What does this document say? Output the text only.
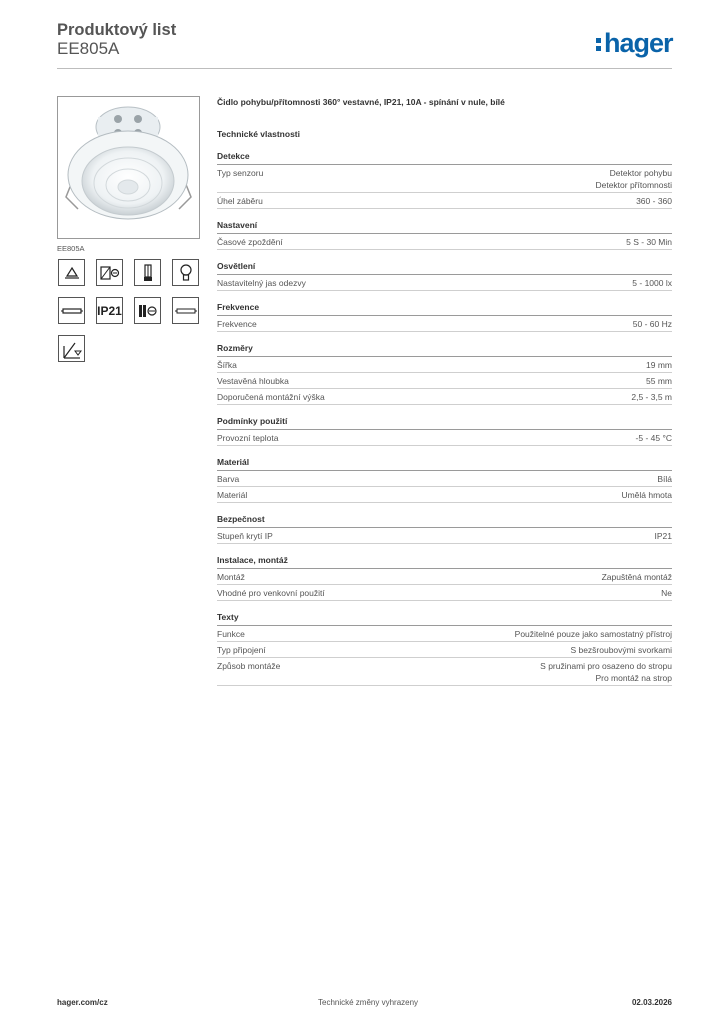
Produktový list
EE805A	hager
EE805A
IP21
Čidlo pohybu/přítomnosti 360° vestavné, IP21, 10A - spínání v nule, bílé
Technické vlastnosti
Detekce
Typ senzoru	Detektor pohybu
Detektor přítomnosti
Úhel záběru	360 - 360
Nastavení
Časové zpoždění	5 S - 30 Min
Osvětlení
Nastavitelný jas odezvy	5 - 1000 lx
Frekvence
Frekvence	50 - 60 Hz
Rozměry
Šířka	19 mm
Vestavěná hloubka	55 mm
Doporučená montážní výška	2,5 - 3,5 m
Podmínky použití
Provozní teplota	-5 - 45 °C
Materiál
Barva	Bílá
Materiál	Umělá hmota
Bezpečnost
Stupeň krytí IP	IP21
Instalace, montáž
Montáž	Zapuštěná montáž
Vhodné pro venkovní použití	Ne
Texty
Funkce	Použitelné pouze jako samostatný přístroj
Typ připojení	S bezšroubovými svorkami
Způsob montáže	S pružinami pro osazeno do stropu
Pro montáž na strop
hager.com/cz	Technické změny vyhrazeny	02.03.2026
